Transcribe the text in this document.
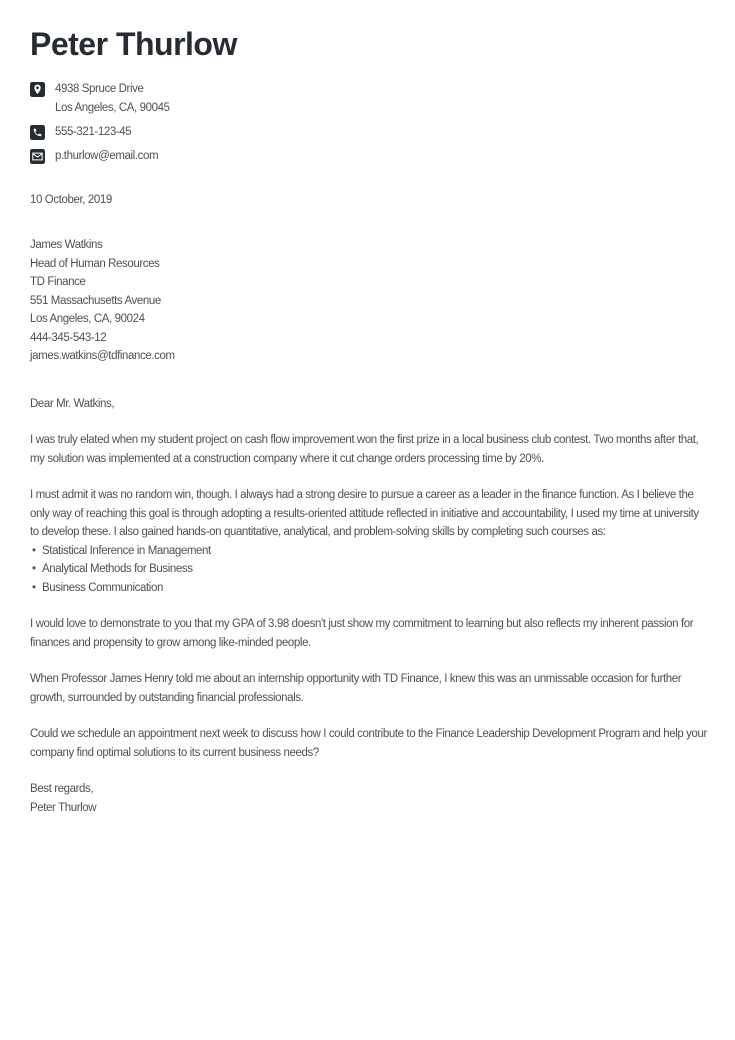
Peter Thurlow
4938 Spruce Drive
Los Angeles, CA, 90045
555-321-123-45
p.thurlow@email.com
10 October, 2019
James Watkins
Head of Human Resources
TD Finance
551 Massachusetts Avenue
Los Angeles, CA, 90024
444-345-543-12
james.watkins@tdfinance.com

Dear Mr. Watkins,

I was truly elated when my student project on cash flow improvement won the first prize in a local business club contest. Two months after that, my solution was implemented at a construction company where it cut change orders processing time by 20%.

I must admit it was no random win, though. I always had a strong desire to pursue a career as a leader in the finance function. As I believe the only way of reaching this goal is through adopting a results-oriented attitude reflected in initiative and accountability, I used my time at university to develop these. I also gained hands-on quantitative, analytical, and problem-solving skills by completing such courses as:

• Statistical Inference in Management
• Analytical Methods for Business
• Business Communication

I would love to demonstrate to you that my GPA of 3.98 doesn't just show my commitment to learning but also reflects my inherent passion for finances and propensity to grow among like-minded people.

When Professor James Henry told me about an internship opportunity with TD Finance, I knew this was an unmissable occasion for further growth, surrounded by outstanding financial professionals.

Could we schedule an appointment next week to discuss how I could contribute to the Finance Leadership Development Program and help your company find optimal solutions to its current business needs?

Best regards,
Peter Thurlow
